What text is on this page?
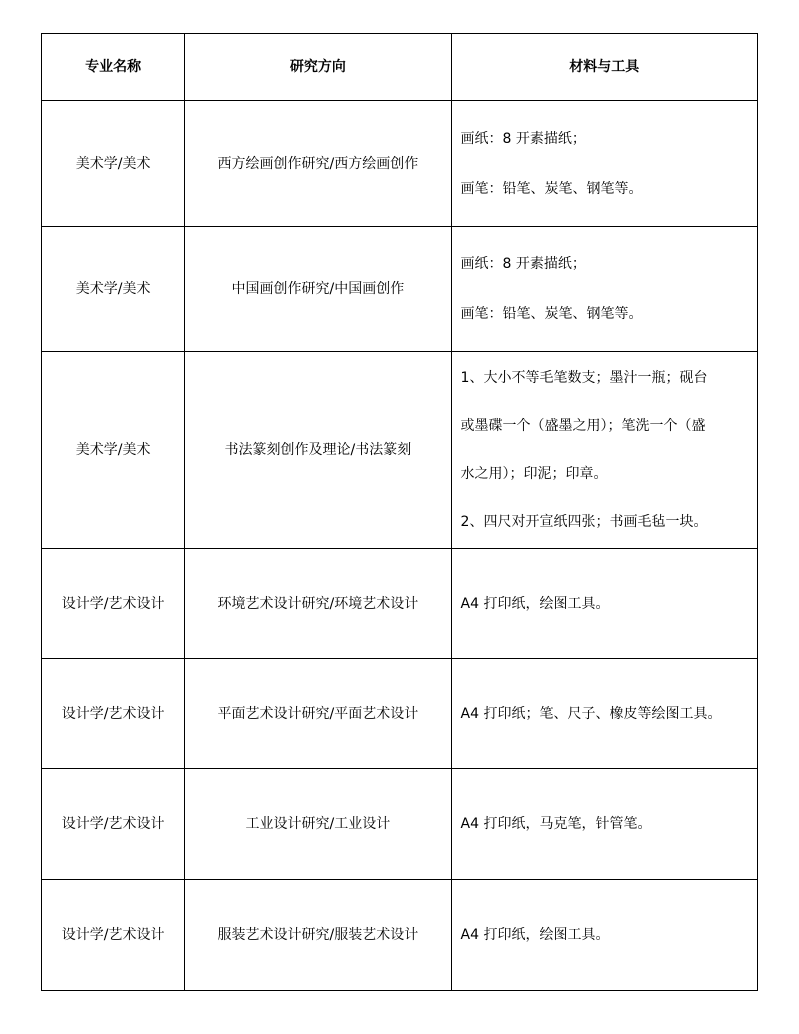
专业名称	研究方向	材料与工具
美术学/美术	西方绘画创作研究/西方绘画创作	画纸：8 开素描纸；
画笔：铅笔、炭笔、钢笔等。

美术学/美术	中国画创作研究/中国画创作	画纸：8 开素描纸；
画笔：铅笔、炭笔、钢笔等。

美术学/美术	书法篆刻创作及理论/书法篆刻	1、大小不等毛笔数支；墨汁一瓶；砚台
或墨碟一个（盛墨之用）；笔洗一个（盛
水之用）；印泥；印章。
2、四尺对开宣纸四张；书画毛毡一块。

设计学/艺术设计	环境艺术设计研究/环境艺术设计	A4 打印纸，绘图工具。

设计学/艺术设计	平面艺术设计研究/平面艺术设计	A4 打印纸；笔、尺子、橡皮等绘图工具。

设计学/艺术设计	工业设计研究/工业设计	A4 打印纸，马克笔，针管笔。

设计学/艺术设计	服装艺术设计研究/服装艺术设计	A4 打印纸，绘图工具。
